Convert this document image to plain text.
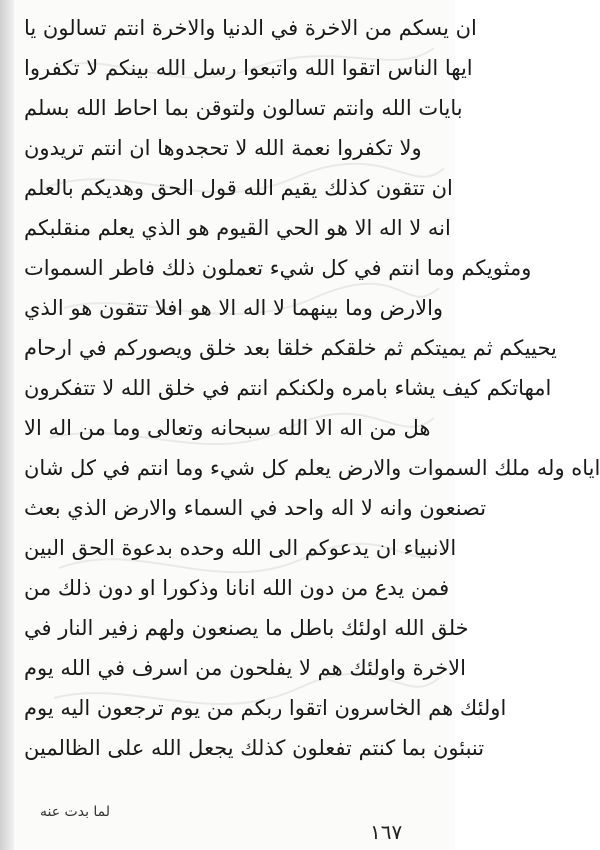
ان يسكم من الاخرة في الدنيا والاخرة انتم تسالون يا
ايها الناس اتقوا الله واتبعوا رسل الله بينكم لا تكفروا
بايات الله وانتم تسالون ولتوقن بما احاط الله بسلم
ولا تكفروا نعمة الله لا تحجدوها ان انتم تريدون
ان تتقون كذلك يقيم الله قول الحق وهديكم بالعلم
انه لا اله الا هو الحي القيوم هو الذي يعلم منقلبكم
ومثويكم وما انتم في كل شيء تعملون ذلك فاطر السموات
والارض وما بينهما لا اله الا هو افلا تتقون هو الذي
يحييكم ثم يميتكم ثم خلقكم خلقا بعد خلق ويصوركم في ارحام
امهاتكم كيف يشاء بامره ولكنكم انتم في خلق الله لا تتفكرون
هل من اله الا الله سبحانه وتعالى وما من اله الا
اياه وله ملك السموات والارض يعلم كل شيء وما انتم في كل شان
تصنعون وانه لا اله واحد في السماء والارض الذي بعث
الانبياء ان يدعوكم الى الله وحده بدعوة الحق البين
فمن يدع من دون الله انانا وذكورا او دون ذلك من
خلق الله اولئك باطل ما يصنعون ولهم زفير النار في
الاخرة واولئك هم لا يفلحون من اسرف في الله يوم
اولئك هم الخاسرون اتقوا ربكم من يوم ترجعون اليه يوم
تنبئون بما كنتم تفعلون كذلك يجعل الله على الظالمين
لما بدت عنه
١٦٧
